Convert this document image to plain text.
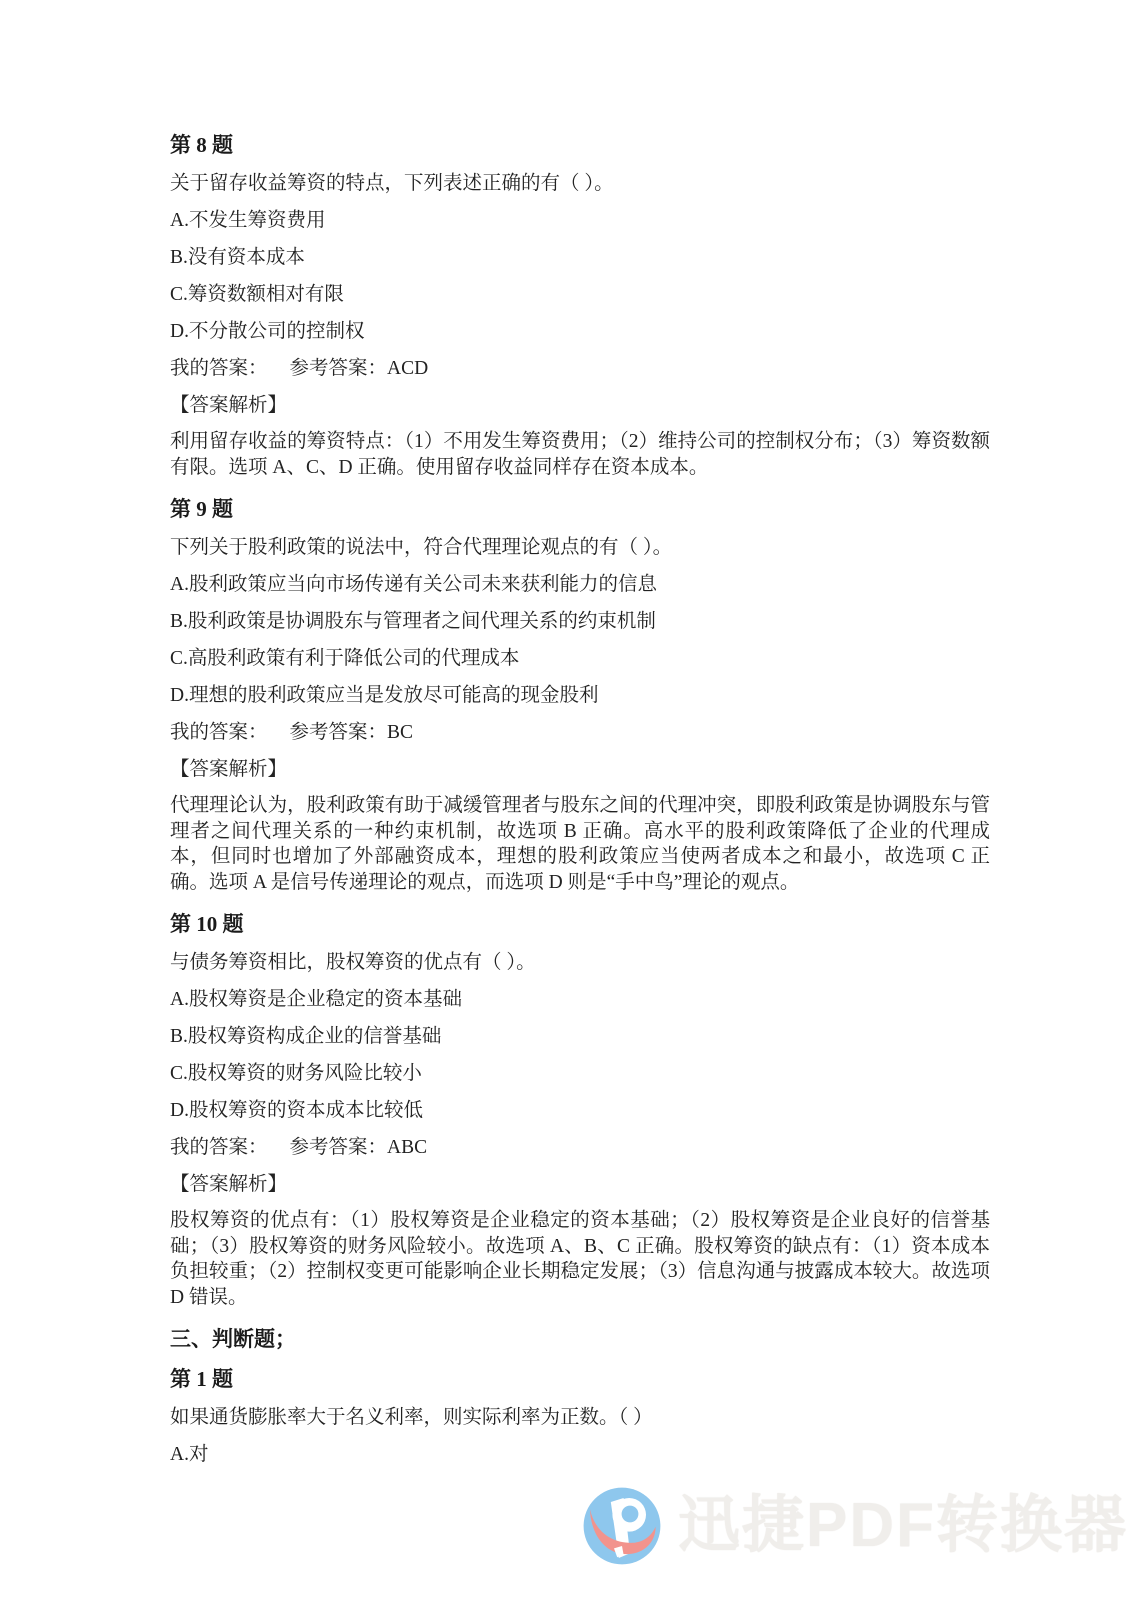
第 8 题

关于留存收益筹资的特点，下列表述正确的有（ ）。

A.不发生筹资费用

B.没有资本成本

C.筹资数额相对有限

D.不分散公司的控制权

我的答案： 参考答案：ACD

【答案解析】

利用留存收益的筹资特点：（1）不用发生筹资费用；（2）维持公司的控制权分布；（3）筹资数额有限。选项 A、C、D 正确。使用留存收益同样存在资本成本。

第 9 题

下列关于股利政策的说法中，符合代理理论观点的有（ ）。

A.股利政策应当向市场传递有关公司未来获利能力的信息

B.股利政策是协调股东与管理者之间代理关系的约束机制

C.高股利政策有利于降低公司的代理成本

D.理想的股利政策应当是发放尽可能高的现金股利

我的答案： 参考答案：BC

【答案解析】

代理理论认为，股利政策有助于减缓管理者与股东之间的代理冲突，即股利政策是协调股东与管理者之间代理关系的一种约束机制，故选项 B 正确。高水平的股利政策降低了企业的代理成本，但同时也增加了外部融资成本，理想的股利政策应当使两者成本之和最小，故选项 C 正确。选项 A 是信号传递理论的观点，而选项 D 则是“手中鸟”理论的观点。

第 10 题

与债务筹资相比，股权筹资的优点有（ ）。

A.股权筹资是企业稳定的资本基础

B.股权筹资构成企业的信誉基础

C.股权筹资的财务风险比较小

D.股权筹资的资本成本比较低

我的答案： 参考答案：ABC

【答案解析】

股权筹资的优点有：（1）股权筹资是企业稳定的资本基础；（2）股权筹资是企业良好的信誉基础；（3）股权筹资的财务风险较小。故选项 A、B、C 正确。股权筹资的缺点有：（1）资本成本负担较重；（2）控制权变更可能影响企业长期稳定发展；（3）信息沟通与披露成本较大。故选项 D 错误。

三、判断题；
第 1 题

如果通货膨胀率大于名义利率，则实际利率为正数。（ ）

A.对

迅捷PDF转换器
